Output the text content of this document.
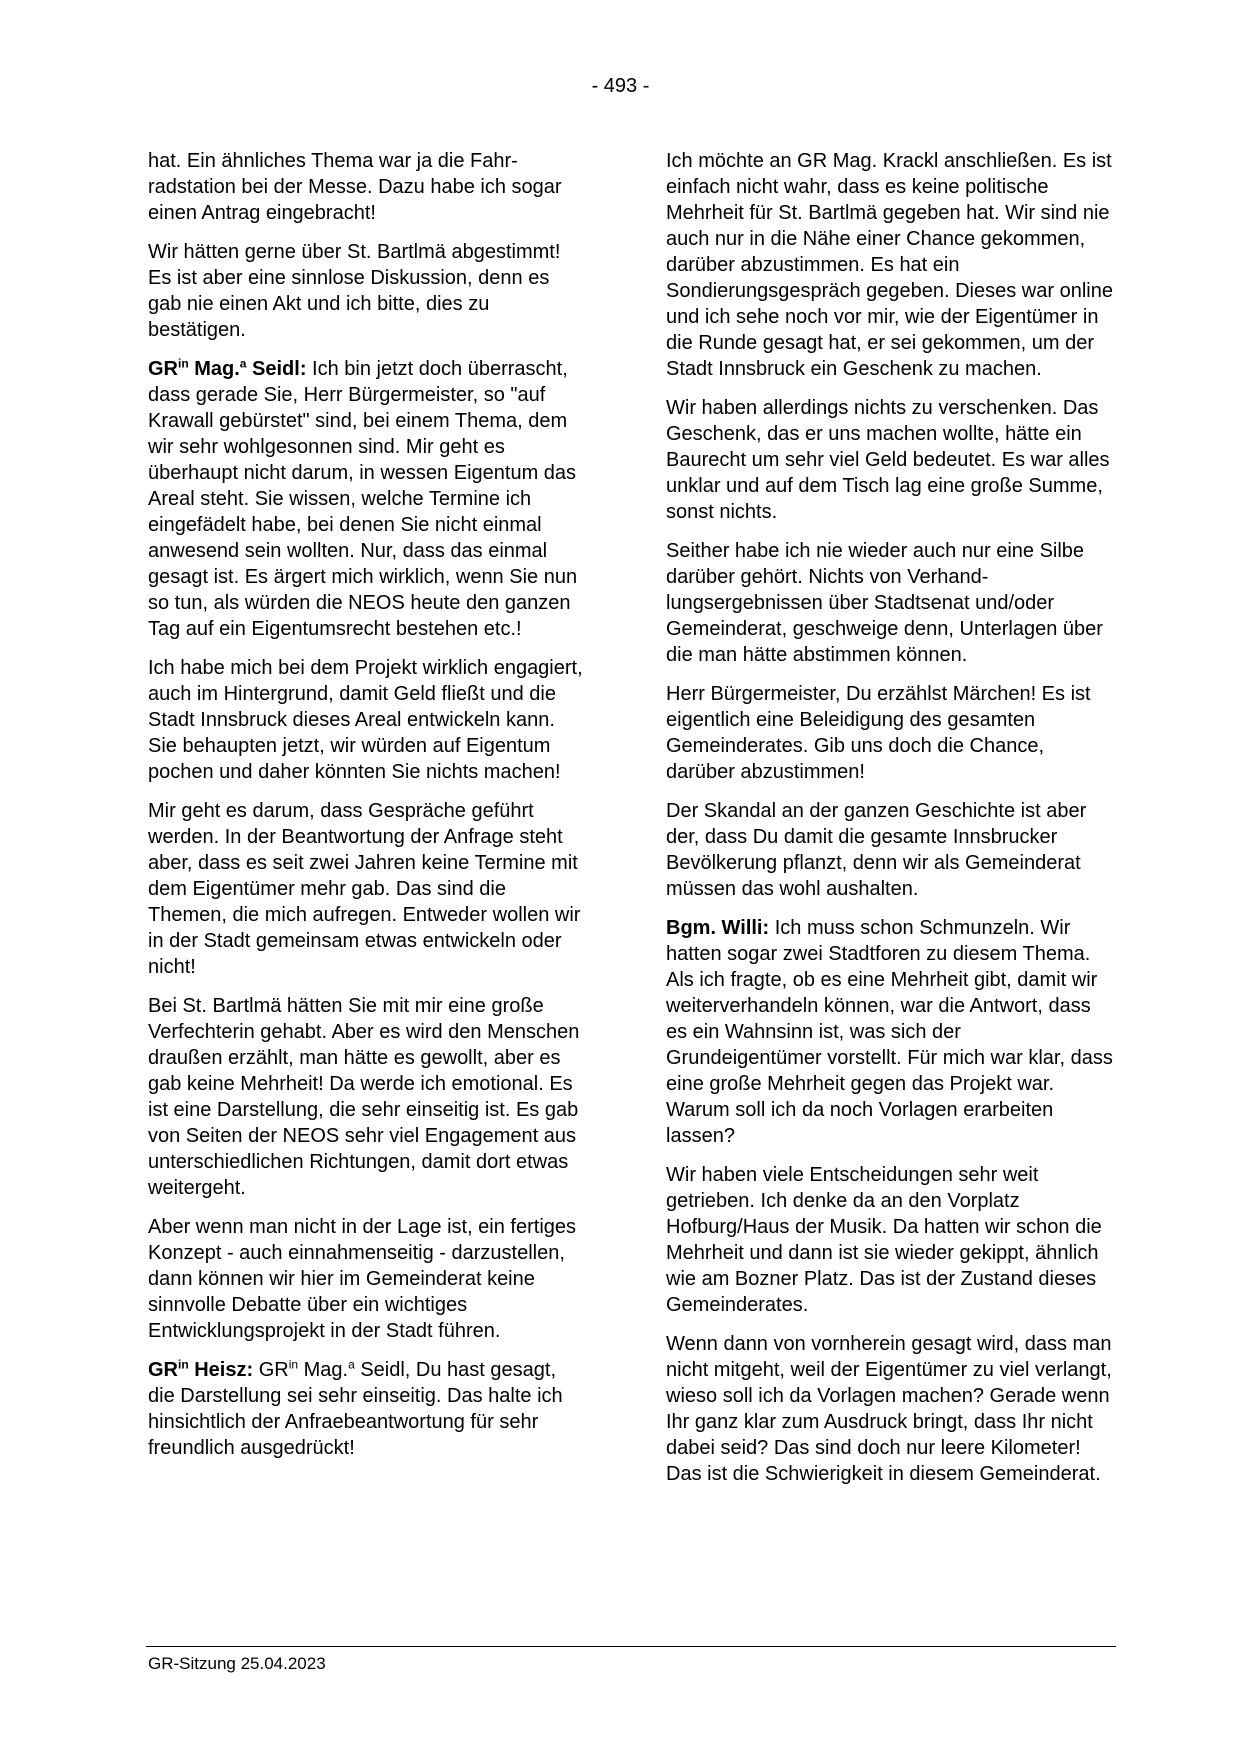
- 493 -

hat. Ein ähnliches Thema war ja die Fahrradstation bei der Messe. Dazu habe ich sogar einen Antrag eingebracht!

Wir hätten gerne über St. Bartlmä abgestimmt! Es ist aber eine sinnlose Diskussion, denn es gab nie einen Akt und ich bitte, dies zu bestätigen.

$GR^{in}$ Mag.$^a$ Seidl: Ich bin jetzt doch überrascht, dass gerade Sie, Herr Bürgermeister, so "auf Krawall gebürstet" sind, bei einem Thema, dem wir sehr wohlgesonnen sind. Mir geht es überhaupt nicht darum, in wessen Eigentum das Areal steht. Sie wissen, welche Termine ich eingefädelt habe, bei denen Sie nicht einmal anwesend sein wollten. Nur, dass das einmal gesagt ist. Es ärgert mich wirklich, wenn Sie nun so tun, als würden die NEOS heute den ganzen Tag auf ein Eigentumsrecht bestehen etc.!

Ich habe mich bei dem Projekt wirklich engagiert, auch im Hintergrund, damit Geld fließt und die Stadt Innsbruck dieses Areal entwickeln kann. Sie behaupten jetzt, wir würden auf Eigentum pochen und daher könnten Sie nichts machen!

Mir geht es darum, dass Gespräche geführt werden. In der Beantwortung der Anfrage steht aber, dass es seit zwei Jahren keine Termine mit dem Eigentümer mehr gab. Das sind die Themen, die mich aufregen. Entweder wollen wir in der Stadt gemeinsam etwas entwickeln oder nicht!

Bei St. Bartlmä hätten Sie mit mir eine große Verfechterin gehabt. Aber es wird den Menschen draußen erzählt, man hätte es gewollt, aber es gab keine Mehrheit! Da werde ich emotional. Es ist eine Darstellung, die sehr einseitig ist. Es gab von Seiten der NEOS sehr viel Engagement aus unterschiedlichen Richtungen, damit dort etwas weitergeht.

Aber wenn man nicht in der Lage ist, ein fertiges Konzept - auch einnahmenseitig - darzustellen, dann können wir hier im Gemeinderat keine sinnvolle Debatte über ein wichtiges Entwicklungsprojekt in der Stadt führen.

$GR^{in}$ Heisz: $GR^{in}$ Mag.$^a$ Seidl, Du hast gesagt, die Darstellung sei sehr einseitig. Das halte ich hinsichtlich der Anfraebeantwortung für sehr freundlich ausgedrückt!

Ich möchte an GR Mag. Krackl anschließen. Es ist einfach nicht wahr, dass es keine politische Mehrheit für St. Bartlmä gegeben hat. Wir sind nie auch nur in die Nähe einer Chance gekommen, darüber abzustimmen. Es hat ein Sondierungsgespräch gegeben. Dieses war online und ich sehe noch vor mir, wie der Eigentümer in die Runde gesagt hat, er sei gekommen, um der Stadt Innsbruck ein Geschenk zu machen.

Wir haben allerdings nichts zu verschenken. Das Geschenk, das er uns machen wollte, hätte ein Baurecht um sehr viel Geld bedeutet. Es war alles unklar und auf dem Tisch lag eine große Summe, sonst nichts.

Seither habe ich nie wieder auch nur eine Silbe darüber gehört. Nichts von Verhandlungsergebnissen über Stadtsenat und/oder Gemeinderat, geschweige denn, Unterlagen über die man hätte abstimmen können.

Herr Bürgermeister, Du erzählst Märchen! Es ist eigentlich eine Beleidigung des gesamten Gemeinderates. Gib uns doch die Chance, darüber abzustimmen!

Der Skandal an der ganzen Geschichte ist aber der, dass Du damit die gesamte Innsbrucker Bevölkerung pflanzt, denn wir als Gemeinderat müssen das wohl aushalten.

Bgm. Willi: Ich muss schon Schmunzeln. Wir hatten sogar zwei Stadtforen zu diesem Thema. Als ich fragte, ob es eine Mehrheit gibt, damit wir weiterverhandeln können, war die Antwort, dass es ein Wahnsinn ist, was sich der Grundeigentümer vorstellt. Für mich war klar, dass eine große Mehrheit gegen das Projekt war. Warum soll ich da noch Vorlagen erarbeiten lassen?

Wir haben viele Entscheidungen sehr weit getrieben. Ich denke da an den Vorplatz Hofburg/Haus der Musik. Da hatten wir schon die Mehrheit und dann ist sie wieder gekippt, ähnlich wie am Bozner Platz. Das ist der Zustand dieses Gemeinderates.

Wenn dann von vornherein gesagt wird, dass man nicht mitgeht, weil der Eigentümer zu viel verlangt, wieso soll ich da Vorlagen machen? Gerade wenn Ihr ganz klar zum Ausdruck bringt, dass Ihr nicht dabei seid? Das sind doch nur leere Kilometer! Das ist die Schwierigkeit in diesem Gemeinderat.

GR-Sitzung 25.04.2023
